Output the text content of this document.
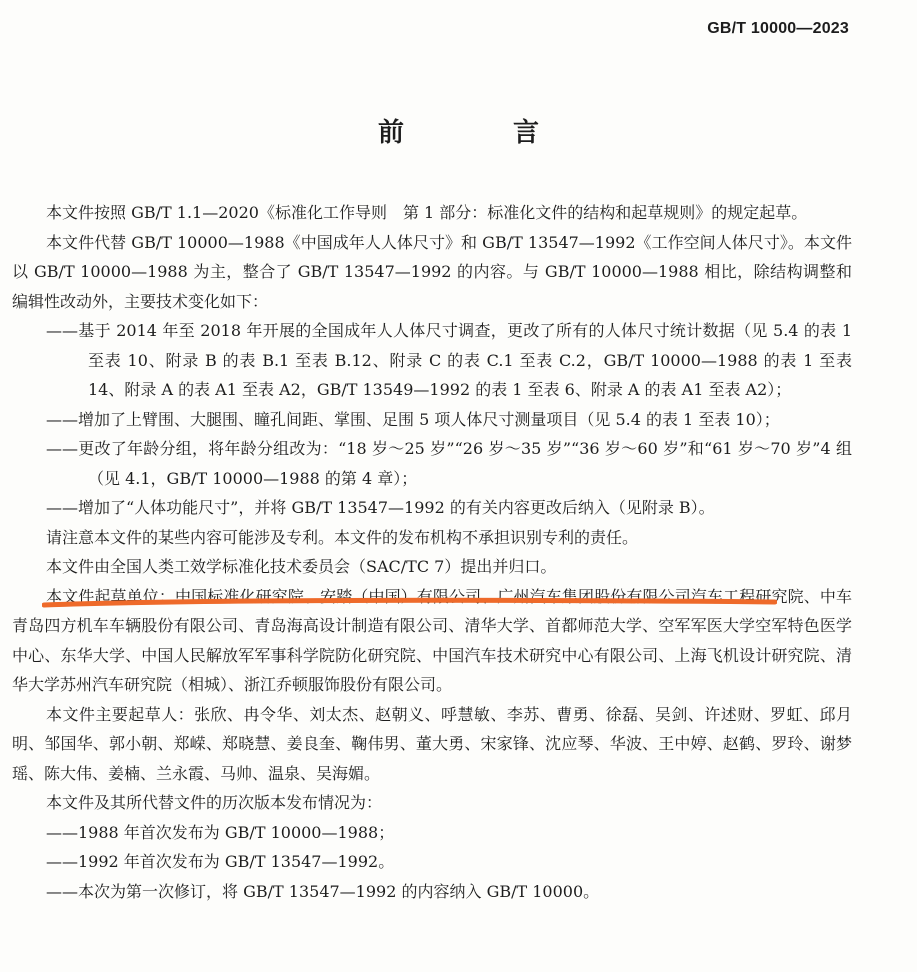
GB/T 10000—2023
前 言

本文件按照 GB/T 1.1—2020《标准化工作导则　第 1 部分：标准化文件的结构和起草规则》的规定起草。

本文件代替 GB/T 10000—1988《中国成年人人体尺寸》和 GB/T 13547—1992《工作空间人体尺寸》。本文件以 GB/T 10000—1988 为主，整合了 GB/T 13547—1992 的内容。与 GB/T 10000—1988 相比，除结构调整和编辑性改动外，主要技术变化如下：

——基于 2014 年至 2018 年开展的全国成年人人体尺寸调查，更改了所有的人体尺寸统计数据（见 5.4 的表 1 至表 10、附录 B 的表 B.1 至表 B.12、附录 C 的表 C.1 至表 C.2，GB/T 10000—1988 的表 1 至表 14、附录 A 的表 A1 至表 A2，GB/T 13549—1992 的表 1 至表 6、附录 A 的表 A1 至表 A2）；

——增加了上臂围、大腿围、瞳孔间距、掌围、足围 5 项人体尺寸测量项目（见 5.4 的表 1 至表 10）；

——更改了年龄分组，将年龄分组改为：“18 岁～25 岁”“26 岁～35 岁”“36 岁～60 岁”和“61 岁～70 岁”4 组（见 4.1，GB/T 10000—1988 的第 4 章）；

——增加了“人体功能尺寸”，并将 GB/T 13547—1992 的有关内容更改后纳入（见附录 B）。

请注意本文件的某些内容可能涉及专利。本文件的发布机构不承担识别专利的责任。

本文件由全国人类工效学标准化技术委员会（SAC/TC 7）提出并归口。

本文件起草单位：中国标准化研究院、安踏（中国）有限公司、广州汽车集团股份有限公司汽车工程研究院、中车青岛四方机车车辆股份有限公司、青岛海高设计制造有限公司、清华大学、首都师范大学、空军军医大学空军特色医学中心、东华大学、中国人民解放军军事科学院防化研究院、中国汽车技术研究中心有限公司、上海飞机设计研究院、清华大学苏州汽车研究院（相城）、浙江乔顿服饰股份有限公司。

本文件主要起草人：张欣、冉令华、刘太杰、赵朝义、呼慧敏、李苏、曹勇、徐磊、吴剑、许述财、罗虹、邱月明、邹国华、郭小朝、郑嵘、郑晓慧、姜良奎、鞠伟男、董大勇、宋家锋、沈应琴、华波、王中婷、赵鹤、罗玲、谢梦瑶、陈大伟、姜楠、兰永霞、马帅、温泉、吴海媚。

本文件及其所代替文件的历次版本发布情况为：

——1988 年首次发布为 GB/T 10000—1988；

——1992 年首次发布为 GB/T 13547—1992。

——本次为第一次修订，将 GB/T 13547—1992 的内容纳入 GB/T 10000。
